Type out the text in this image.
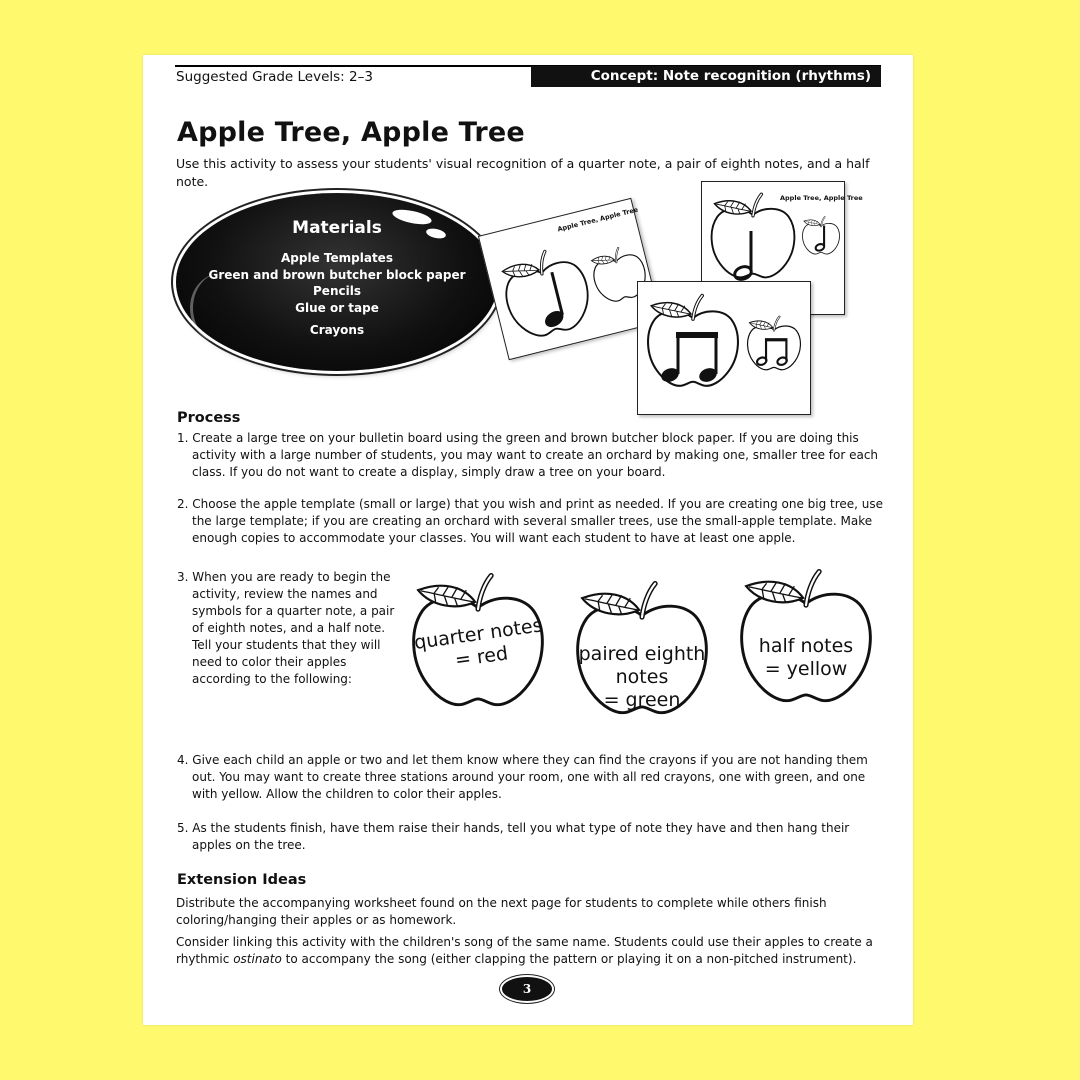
Suggested Grade Levels: 2–3	Concept: Note recognition (rhythms)
Apple Tree, Apple Tree

Use this activity to assess your students' visual recognition of a quarter note, a pair of eighth notes, and a half note.

Materials
Apple Templates
Green and brown butcher block paper
Pencils
Glue or tape
Crayons
Apple Tree, Apple Tree
Apple Tree, Apple Tree
Process

1. Create a large tree on your bulletin board using the green and brown butcher block paper. If you are doing this activity with a large number of students, you may want to create an orchard by making one, smaller tree for each class. If you do not want to create a display, simply draw a tree on your board.

2. Choose the apple template (small or large) that you wish and print as needed. If you are creating one big tree, use the large template; if you are creating an orchard with several smaller trees, use the small-apple template. Make enough copies to accommodate your classes. You will want each student to have at least one apple.

3. When you are ready to begin the activity, review the names and symbols for a quarter note, a pair of eighth notes, and a half note. Tell your students that they will need to color their apples according to the following:

quarter notes
= red	paired eighth
notes
= green
half notes
= yellow

4. Give each child an apple or two and let them know where they can find the crayons if you are not handing them out. You may want to create three stations around your room, one with all red crayons, one with green, and one with yellow. Allow the children to color their apples.

5. As the students finish, have them raise their hands, tell you what type of note they have and then hang their apples on the tree.

Extension Ideas

Distribute the accompanying worksheet found on the next page for students to complete while others finish coloring/hanging their apples or as homework.

Consider linking this activity with the children's song of the same name. Students could use their apples to create a rhythmic ostinato to accompany the song (either clapping the pattern or playing it on a non-pitched instrument).

3
